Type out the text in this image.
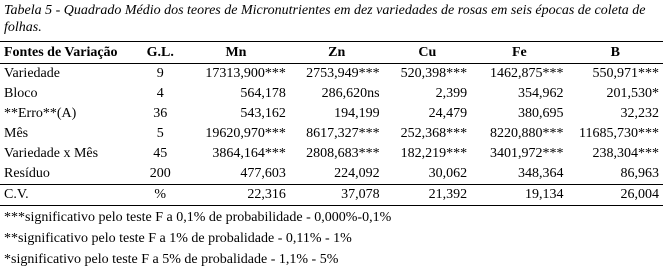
Tabela 5 - Quadrado Médio dos teores de Micronutrientes em dez variedades de rosas em seis épocas de coleta de folhas.
Fontes de Variação	G.L.	Mn	Zn	Cu	Fe	B
Variedade	9	17313,900***	2753,949***	520,398***	1462,875***	550,971***
Bloco	4	564,178	286,620ns	2,399	354,962	201,530*
**Erro**(A)	36	543,162	194,199	24,479	380,695	32,232
Mês	5	19620,970***	8617,327***	252,368***	8220,880***	11685,730***
Variedade x Mês	45	3864,164***	2808,683***	182,219***	3401,972***	238,304***
Resíduo	200	477,603	224,092	30,062	348,364	86,963
C.V.	%	22,316	37,078	21,392	19,134	26,004
***significativo pelo teste F a 0,1% de probabilidade - 0,000%-0,1%
**significativo pelo teste F a 1% de probalidade - 0,11% - 1%
*significativo pelo teste F a 5% de probalidade - 1,1% - 5%
